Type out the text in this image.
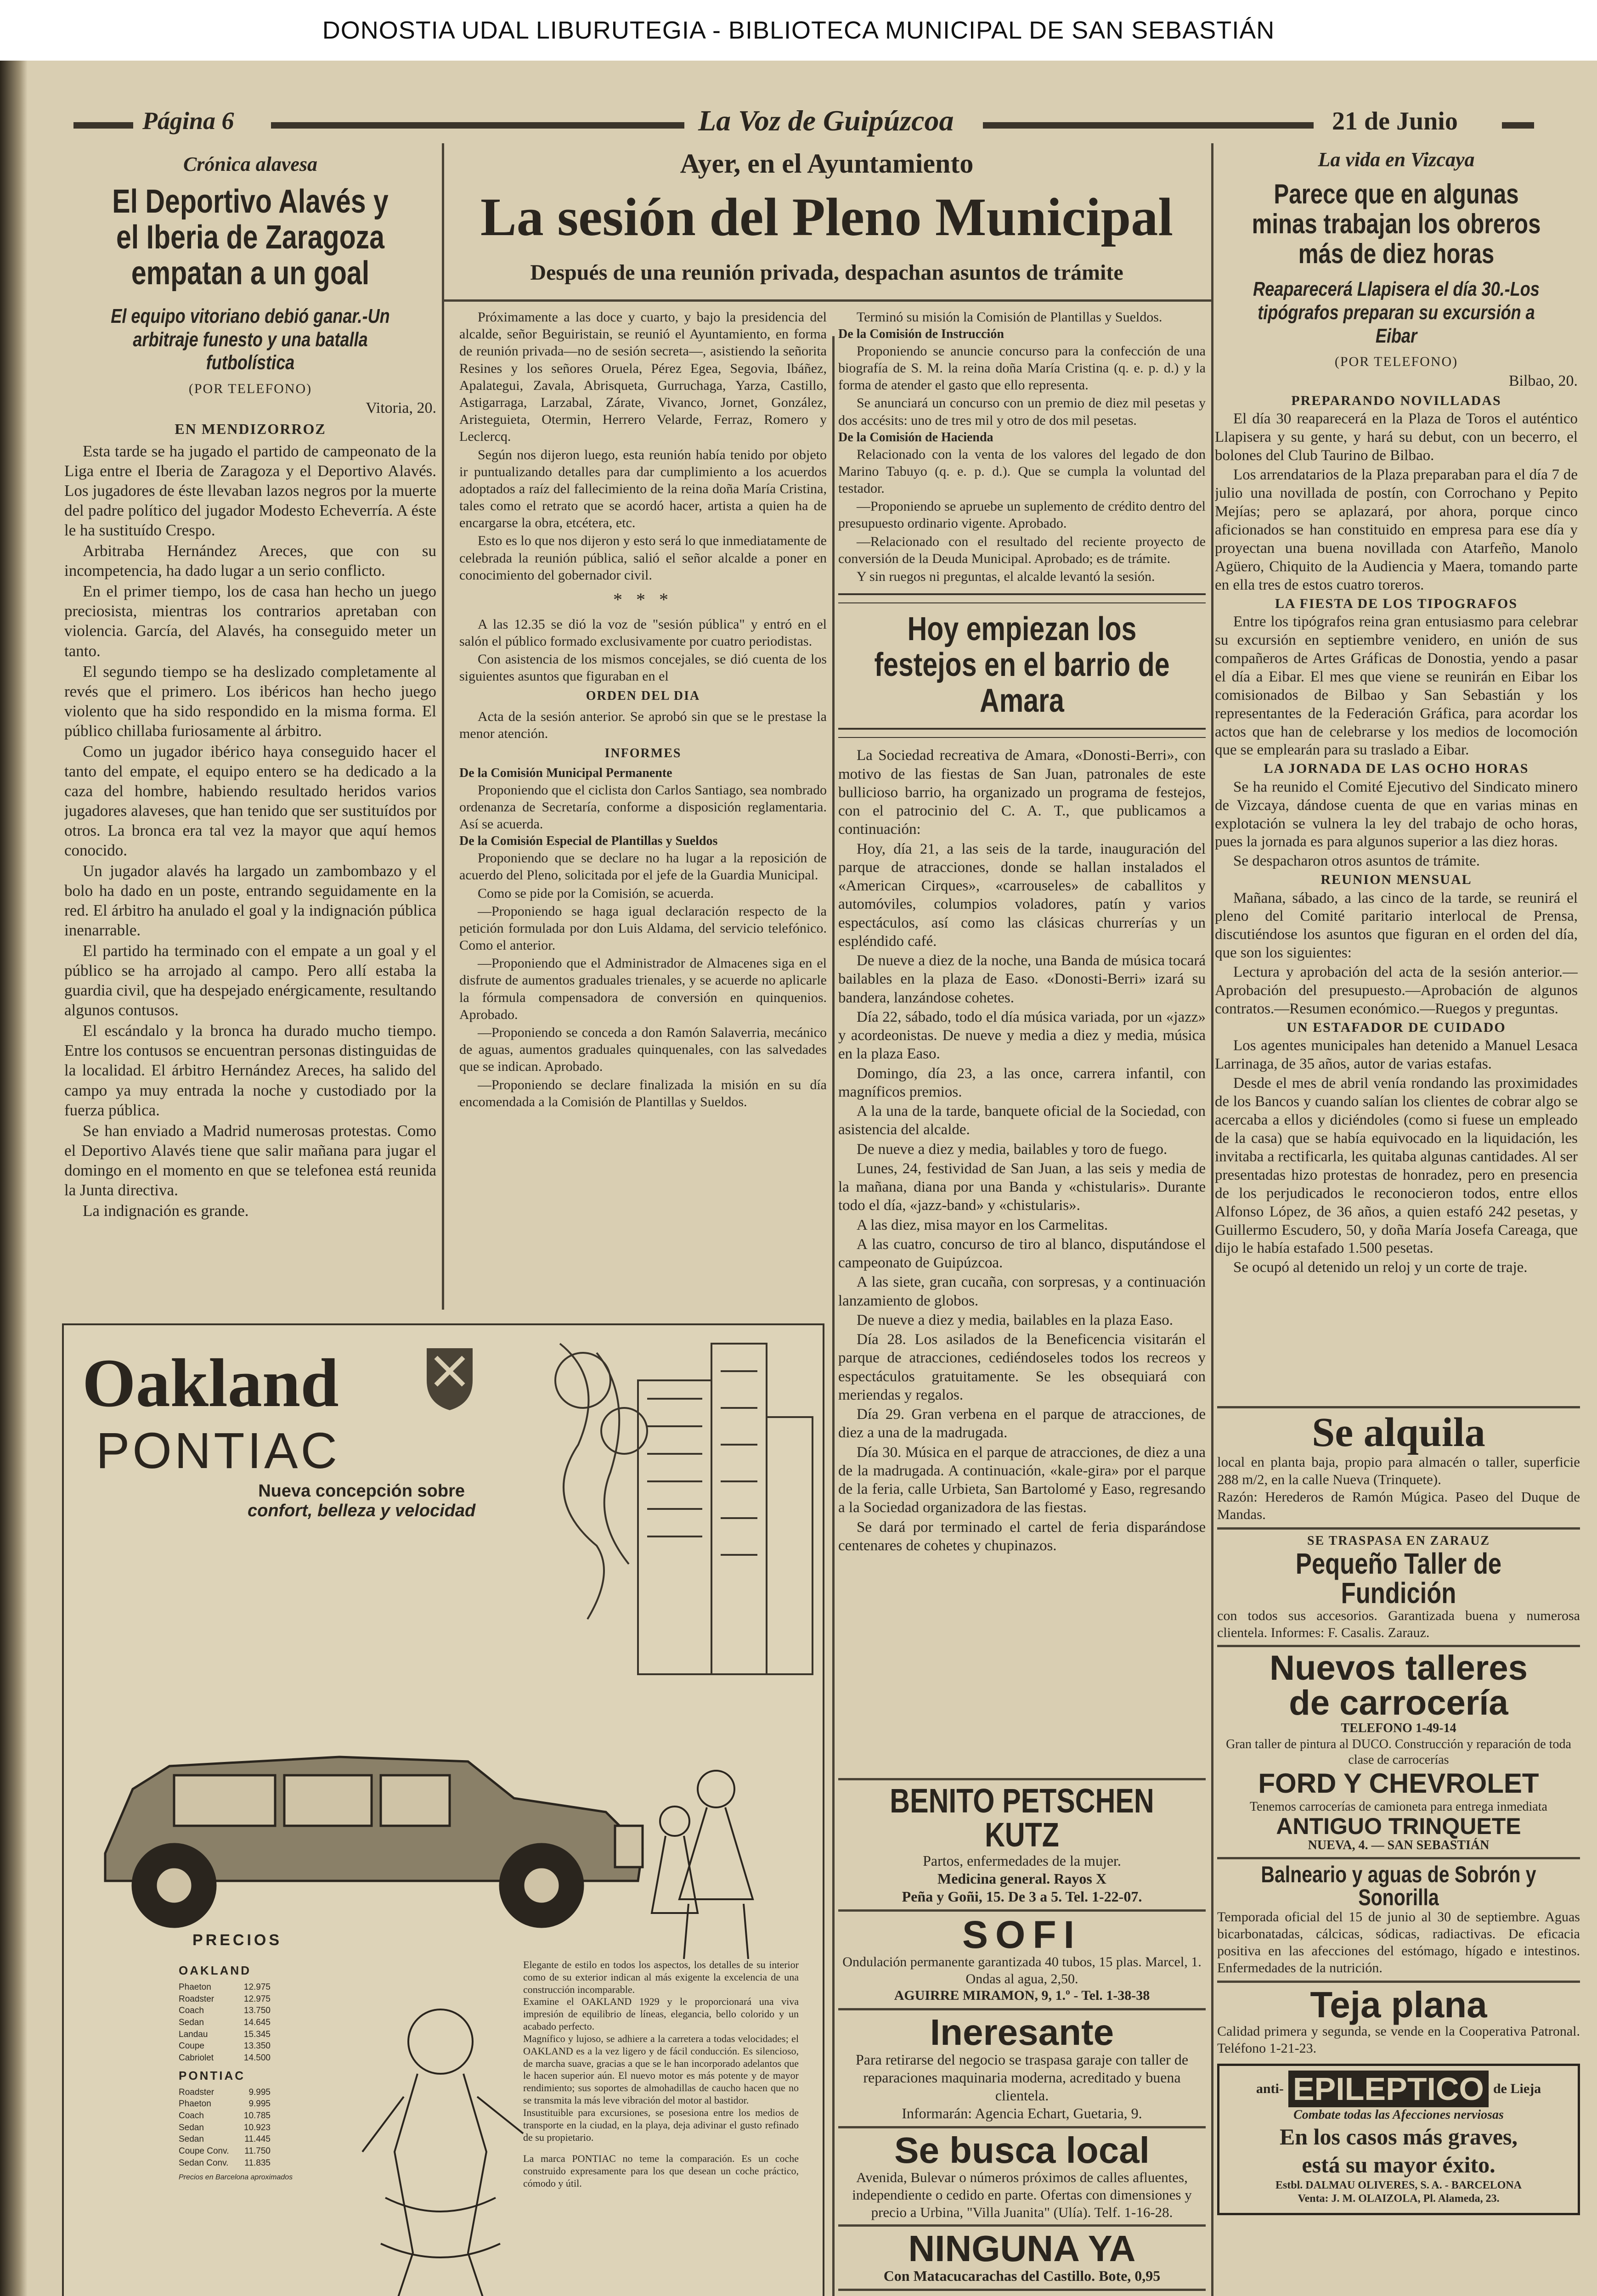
DONOSTIA UDAL LIBURUTEGIA - BIBLIOTECA MUNICIPAL DE SAN SEBASTIÁN
Página 6	La Voz de Guipúzcoa	21 de Junio
Crónica alavesa
El Deportivo Alavés y el Iberia de Zaragoza empatan a un goal
El equipo vitoriano debió ganar.-Un arbitraje funesto y una batalla futbolística
(POR TELEFONO)
Vitoria, 20.
EN MENDIZORROZ

Esta tarde se ha jugado el partido de campeonato de la Liga entre el Iberia de Zaragoza y el Deportivo Alavés. Los jugadores de éste llevaban lazos negros por la muerte del padre político del jugador Modesto Echeverría. A éste le ha sustituído Crespo.

Arbitraba Hernández Areces, que con su incompetencia, ha dado lugar a un serio conflicto.

En el primer tiempo, los de casa han hecho un juego preciosista, mientras los contrarios apretaban con violencia. García, del Alavés, ha conseguido meter un tanto.

El segundo tiempo se ha deslizado completamente al revés que el primero. Los ibéricos han hecho juego violento que ha sido respondido en la misma forma. El público chillaba furiosamente al árbitro.

Como un jugador ibérico haya conseguido hacer el tanto del empate, el equipo entero se ha dedicado a la caza del hombre, habiendo resultado heridos varios jugadores alaveses, que han tenido que ser sustituídos por otros. La bronca era tal vez la mayor que aquí hemos conocido.

Un jugador alavés ha largado un zambombazo y el bolo ha dado en un poste, entrando seguidamente en la red. El árbitro ha anulado el goal y la indignación pública inenarrable.

El partido ha terminado con el empate a un goal y el público se ha arrojado al campo. Pero allí estaba la guardia civil, que ha despejado enérgicamente, resultando algunos contusos.

El escándalo y la bronca ha durado mucho tiempo. Entre los contusos se encuentran personas distinguidas de la localidad. El árbitro Hernández Areces, ha salido del campo ya muy entrada la noche y custodiado por la fuerza pública.

Se han enviado a Madrid numerosas protestas. Como el Deportivo Alavés tiene que salir mañana para jugar el domingo en el momento en que se telefonea está reunida la Junta directiva.

La indignación es grande.

Ayer, en el Ayuntamiento
La sesión del Pleno Municipal
Después de una reunión privada, despachan asuntos de trámite

Próximamente a las doce y cuarto, y bajo la presidencia del alcalde, señor Beguiristain, se reunió el Ayuntamiento, en forma de reunión privada—no de sesión secreta—, asistiendo la señorita Resines y los señores Oruela, Pérez Egea, Segovia, Ibáñez, Apalategui, Zavala, Abrisqueta, Gurruchaga, Yarza, Castillo, Astigarraga, Larzabal, Zárate, Vivanco, Jornet, González, Aristeguieta, Otermin, Herrero Velarde, Ferraz, Romero y Leclercq.

Según nos dijeron luego, esta reunión había tenido por objeto ir puntualizando detalles para dar cumplimiento a los acuerdos adoptados a raíz del fallecimiento de la reina doña María Cristina, tales como el retrato que se acordó hacer, artista a quien ha de encargarse la obra, etcétera, etc.

Esto es lo que nos dijeron y esto será lo que inmediatamente de celebrada la reunión pública, salió el señor alcalde a poner en conocimiento del gobernador civil.

* * *

A las 12.35 se dió la voz de "sesión pública" y entró en el salón el público formado exclusivamente por cuatro periodistas.

Con asistencia de los mismos concejales, se dió cuenta de los siguientes asuntos que figuraban en el

ORDEN DEL DIA

Acta de la sesión anterior. Se aprobó sin que se le prestase la menor atención.

INFORMES
De la Comisión Municipal Permanente

Proponiendo que el ciclista don Carlos Santiago, sea nombrado ordenanza de Secretaría, conforme a disposición reglamentaria. Así se acuerda.

De la Comisión Especial de Plantillas y Sueldos

Proponiendo que se declare no ha lugar a la reposición de acuerdo del Pleno, solicitada por el jefe de la Guardia Municipal.

Como se pide por la Comisión, se acuerda.

—Proponiendo se haga igual declaración respecto de la petición formulada por don Luis Aldama, del servicio telefónico. Como el anterior.

—Proponiendo que el Administrador de Almacenes siga en el disfrute de aumentos graduales trienales, y se acuerde no aplicarle la fórmula compensadora de conversión en quinquenios. Aprobado.

—Proponiendo se conceda a don Ramón Salaverria, mecánico de aguas, aumentos graduales quinquenales, con las salvedades que se indican. Aprobado.

—Proponiendo se declare finalizada la misión en su día encomendada a la Comisión de Plantillas y Sueldos.

Terminó su misión la Comisión de Plantillas y Sueldos.

De la Comisión de Instrucción

Proponiendo se anuncie concurso para la confección de una biografía de S. M. la reina doña María Cristina (q. e. p. d.) y la forma de atender el gasto que ello representa.

Se anunciará un concurso con un premio de diez mil pesetas y dos accésits: uno de tres mil y otro de dos mil pesetas.

De la Comisión de Hacienda

Relacionado con la venta de los valores del legado de don Marino Tabuyo (q. e. p. d.). Que se cumpla la voluntad del testador.

—Proponiendo se apruebe un suplemento de crédito dentro del presupuesto ordinario vigente. Aprobado.

—Relacionado con el resultado del reciente proyecto de conversión de la Deuda Municipal. Aprobado; es de trámite.

Y sin ruegos ni preguntas, el alcalde levantó la sesión.

Hoy empiezan los festejos en el barrio de Amara

La Sociedad recreativa de Amara, «Donosti-Berri», con motivo de las fiestas de San Juan, patronales de este bullicioso barrio, ha organizado un programa de festejos, con el patrocinio del C. A. T., que publicamos a continuación:

Hoy, día 21, a las seis de la tarde, inauguración del parque de atracciones, donde se hallan instalados el «American Cirques», «carrouseles» de caballitos y automóviles, columpios voladores, patín y varios espectáculos, así como las clásicas churrerías y un espléndido café.

De nueve a diez de la noche, una Banda de música tocará bailables en la plaza de Easo. «Donosti-Berri» izará su bandera, lanzándose cohetes.

Día 22, sábado, todo el día música variada, por un «jazz» y acordeonistas. De nueve y media a diez y media, música en la plaza Easo.

Domingo, día 23, a las once, carrera infantil, con magníficos premios.

A la una de la tarde, banquete oficial de la Sociedad, con asistencia del alcalde.

De nueve a diez y media, bailables y toro de fuego.

Lunes, 24, festividad de San Juan, a las seis y media de la mañana, diana por una Banda y «chistularis». Durante todo el día, «jazz-band» y «chistularis».

A las diez, misa mayor en los Carmelitas.

A las cuatro, concurso de tiro al blanco, disputándose el campeonato de Guipúzcoa.

A las siete, gran cucaña, con sorpresas, y a continuación lanzamiento de globos.

De nueve a diez y media, bailables en la plaza Easo.

Día 28. Los asilados de la Beneficencia visitarán el parque de atracciones, cediéndoseles todos los recreos y espectáculos gratuitamente. Se les obsequiará con meriendas y regalos.

Día 29. Gran verbena en el parque de atracciones, de diez a una de la madrugada.

Día 30. Música en el parque de atracciones, de diez a una de la madrugada. A continuación, «kale-gira» por el parque de la feria, calle Urbieta, San Bartolomé y Easo, regresando a la Sociedad organizadora de las fiestas.

Se dará por terminado el cartel de feria disparándose centenares de cohetes y chupinazos.

La vida en Vizcaya
Parece que en algunas minas trabajan los obreros más de diez horas
Reaparecerá Llapisera el día 30.-Los tipógrafos preparan su excursión a Eibar
(POR TELEFONO)
Bilbao, 20.
PREPARANDO NOVILLADAS

El día 30 reaparecerá en la Plaza de Toros el auténtico Llapisera y su gente, y hará su debut, con un becerro, el bolones del Club Taurino de Bilbao.

Los arrendatarios de la Plaza preparaban para el día 7 de julio una novillada de postín, con Corrochano y Pepito Mejías; pero se aplazará, por ahora, porque cinco aficionados se han constituido en empresa para ese día y proyectan una buena novillada con Atarfeño, Manolo Agüero, Chiquito de la Audiencia y Maera, tomando parte en ella tres de estos cuatro toreros.

LA FIESTA DE LOS TIPOGRAFOS

Entre los tipógrafos reina gran entusiasmo para celebrar su excursión en septiembre venidero, en unión de sus compañeros de Artes Gráficas de Donostia, yendo a pasar el día a Eibar. El mes que viene se reunirán en Eibar los comisionados de Bilbao y San Sebastián y los representantes de la Federación Gráfica, para acordar los actos que han de celebrarse y los medios de locomoción que se emplearán para su traslado a Eibar.

LA JORNADA DE LAS OCHO HORAS

Se ha reunido el Comité Ejecutivo del Sindicato minero de Vizcaya, dándose cuenta de que en varias minas en explotación se vulnera la ley del trabajo de ocho horas, pues la jornada es para algunos superior a las diez horas.

Se despacharon otros asuntos de trámite.

REUNION MENSUAL

Mañana, sábado, a las cinco de la tarde, se reunirá el pleno del Comité paritario interlocal de Prensa, discutiéndose los asuntos que figuran en el orden del día, que son los siguientes:

Lectura y aprobación del acta de la sesión anterior.—Aprobación del presupuesto.—Aprobación de algunos contratos.—Resumen económico.—Ruegos y preguntas.

UN ESTAFADOR DE CUIDADO

Los agentes municipales han detenido a Manuel Lesaca Larrinaga, de 35 años, autor de varias estafas.

Desde el mes de abril venía rondando las proximidades de los Bancos y cuando salían los clientes de cobrar algo se acercaba a ellos y diciéndoles (como si fuese un empleado de la casa) que se había equivocado en la liquidación, les invitaba a rectificarla, les quitaba algunas cantidades. Al ser presentadas hizo protestas de honradez, pero en presencia de los perjudicados le reconocieron todos, entre ellos Alfonso López, de 36 años, a quien estafó 242 pesetas, y Guillermo Escudero, 50, y doña María Josefa Careaga, que dijo le había estafado 1.500 pesetas.

Se ocupó al detenido un reloj y un corte de traje.

Oakland
PONTIAC
Nueva concepción sobre
confort, belleza y velocidad
PRECIOS
OAKLAND
Phaeton	12.975
Roadster	12.975
Coach	13.750
Sedan	14.645
Landau	15.345
Coupe	13.350
Cabriolet	14.500
PONTIAC
Roadster	9.995
Phaeton	9.995
Coach	10.785
Sedan	10.923
Sedan	11.445
Coupe Conv. 11.750
Sedan Conv. 11.835
Precios en Barcelona aproximados

Elegante de estilo en todos los aspectos, los detalles de su interior como de su exterior indican al más exigente la excelencia de una construcción incomparable.

Examine el OAKLAND 1929 y le proporcionará una viva impresión de equilibrio de líneas, elegancia, bello colorido y un acabado perfecto.

Magnífico y lujoso, se adhiere a la carretera a todas velocidades; el OAKLAND es a la vez ligero y de fácil conducción. Es silencioso, de marcha suave, gracias a que se le han incorporado adelantos que le hacen superior aún. El nuevo motor es más potente y de mayor rendimiento; sus soportes de almohadillas de caucho hacen que no se transmita la más leve vibración del motor al bastidor.

Insustituible para excursiones, se posesiona entre los medios de transporte en la ciudad, en la playa, deja adivinar el gusto refinado de su propietario.

La marca PONTIAC no teme la comparación. Es un coche construido expresamente para los que desean un coche práctico, cómodo y útil.

BENITO PETSCHEN KUTZ
Partos, enfermedades de la mujer.
Medicina general. Rayos X
Peña y Goñi, 15. De 3 a 5. Tel. 1-22-07.
SOFI
Ondulación permanente garantizada 40 tubos, 15 plas. Marcel, 1. Ondas al agua, 2,50.
AGUIRRE MIRAMON, 9, 1.º - Tel. 1-38-38
Ineresante
Para retirarse del negocio se traspasa garaje con taller de reparaciones maquinaria moderna, acreditado y buena clientela.
Informarán: Agencia Echart, Guetaria, 9.
Se busca local
Avenida, Bulevar o números próximos de calles afluentes, independiente o cedido en parte. Ofertas con dimensiones y precio a Urbina, "Villa Juanita" (Ulía). Telf. 1-16-28.
NINGUNA YA
Con Matacucarachas del Castillo. Bote, 0,95
Se alquila
local en planta baja, propio para almacén o taller, superficie 288 m/2, en la calle Nueva (Trinquete).
Razón: Herederos de Ramón Múgica. Paseo del Duque de Mandas.
SE TRASPASA EN ZARAUZ
Pequeño Taller de Fundición
con todos sus accesorios. Garantizada buena y numerosa clientela. Informes: F. Casalis. Zarauz.
Nuevos talleres
de carrocería
TELEFONO 1-49-14
Gran taller de pintura al DUCO. Construcción y reparación de toda clase de carrocerías
FORD Y CHEVROLET
Tenemos carrocerías de camioneta para entrega inmediata
ANTIGUO TRINQUETE
NUEVA, 4. — SAN SEBASTIÁN
Balneario y aguas de Sobrón y Sonorilla
Temporada oficial del 15 de junio al 30 de septiembre. Aguas bicarbonatadas, cálcicas, sódicas, radiactivas. De eficacia positiva en las afecciones del estómago, hígado e intestinos. Enfermedades de la nutrición.
Teja plana
Calidad primera y segunda, se vende en la Cooperativa Patronal. Teléfono 1-21-23.
anti- EPILEPTICO de Lieja
Combate todas las Afecciones nerviosas
En los casos más graves,
está su mayor éxito.
Estbl. DALMAU OLIVERES, S. A. - BARCELONA
Venta: J. M. OLAIZOLA, Pl. Alameda, 23.
